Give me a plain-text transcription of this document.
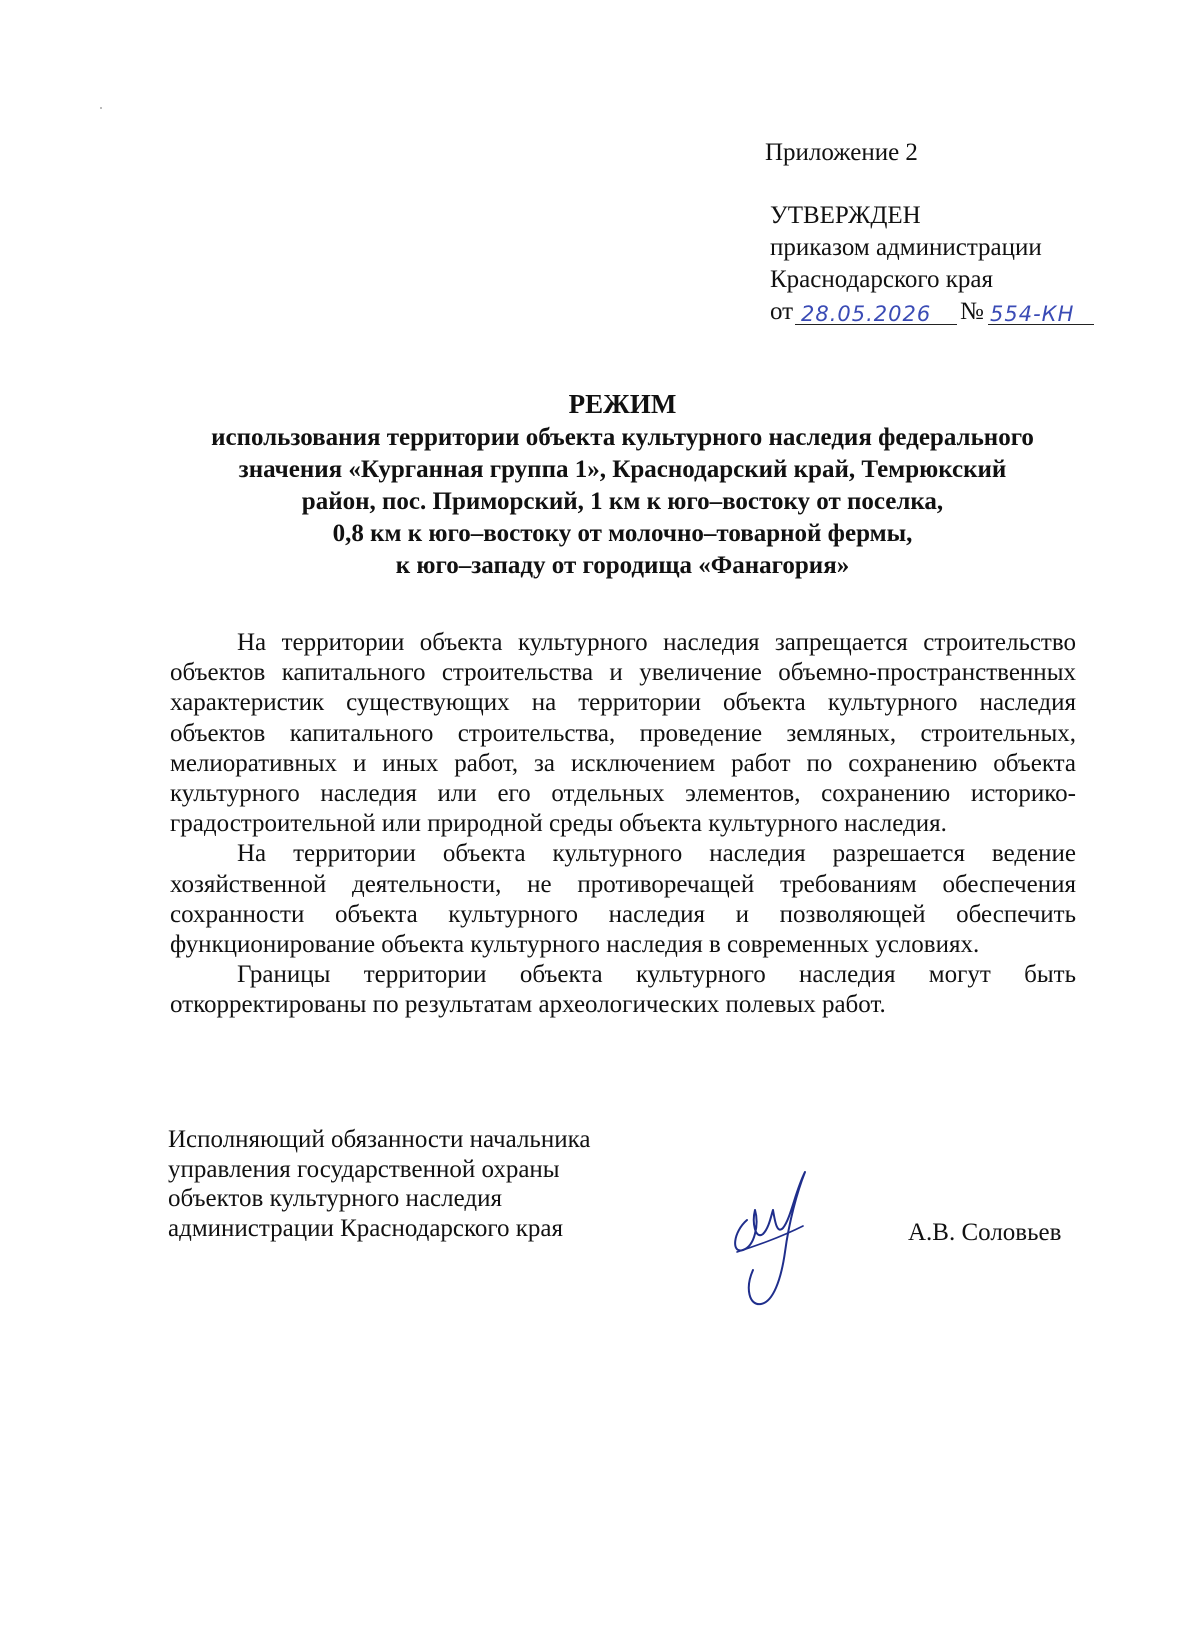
Приложение 2
УТВЕРЖДЕН
приказом администрации
Краснодарского края
от 28.05.2026 № 554-КН
РЕЖИМ
использования территории объекта культурного наследия федерального
значения «Курганная группа 1», Краснодарский край, Темрюкский
район, пос. Приморский, 1 км к юго–востоку от поселка,
0,8 км к юго–востоку от молочно–товарной фермы,
к юго–западу от городища «Фанагория»

На территории объекта культурного наследия запрещается строительство объектов капитального строительства и увеличение объемно-пространственных характеристик существующих на территории объекта культурного наследия объектов капитального строительства, проведение земляных, строительных, мелиоративных и иных работ, за исключением работ по сохранению объекта культурного наследия или его отдельных элементов, сохранению историко-градостроительной или природной среды объекта культурного наследия.

На территории объекта культурного наследия разрешается ведение хозяйственной деятельности, не противоречащей требованиям обеспечения сохранности объекта культурного наследия и позволяющей обеспечить функционирование объекта культурного наследия в современных условиях.

Границы территории объекта культурного наследия могут быть откорректированы по результатам археологических полевых работ.

Исполняющий обязанности начальника
управления государственной охраны
объектов культурного наследия
администрации Краснодарского края	А.В. Соловьев
